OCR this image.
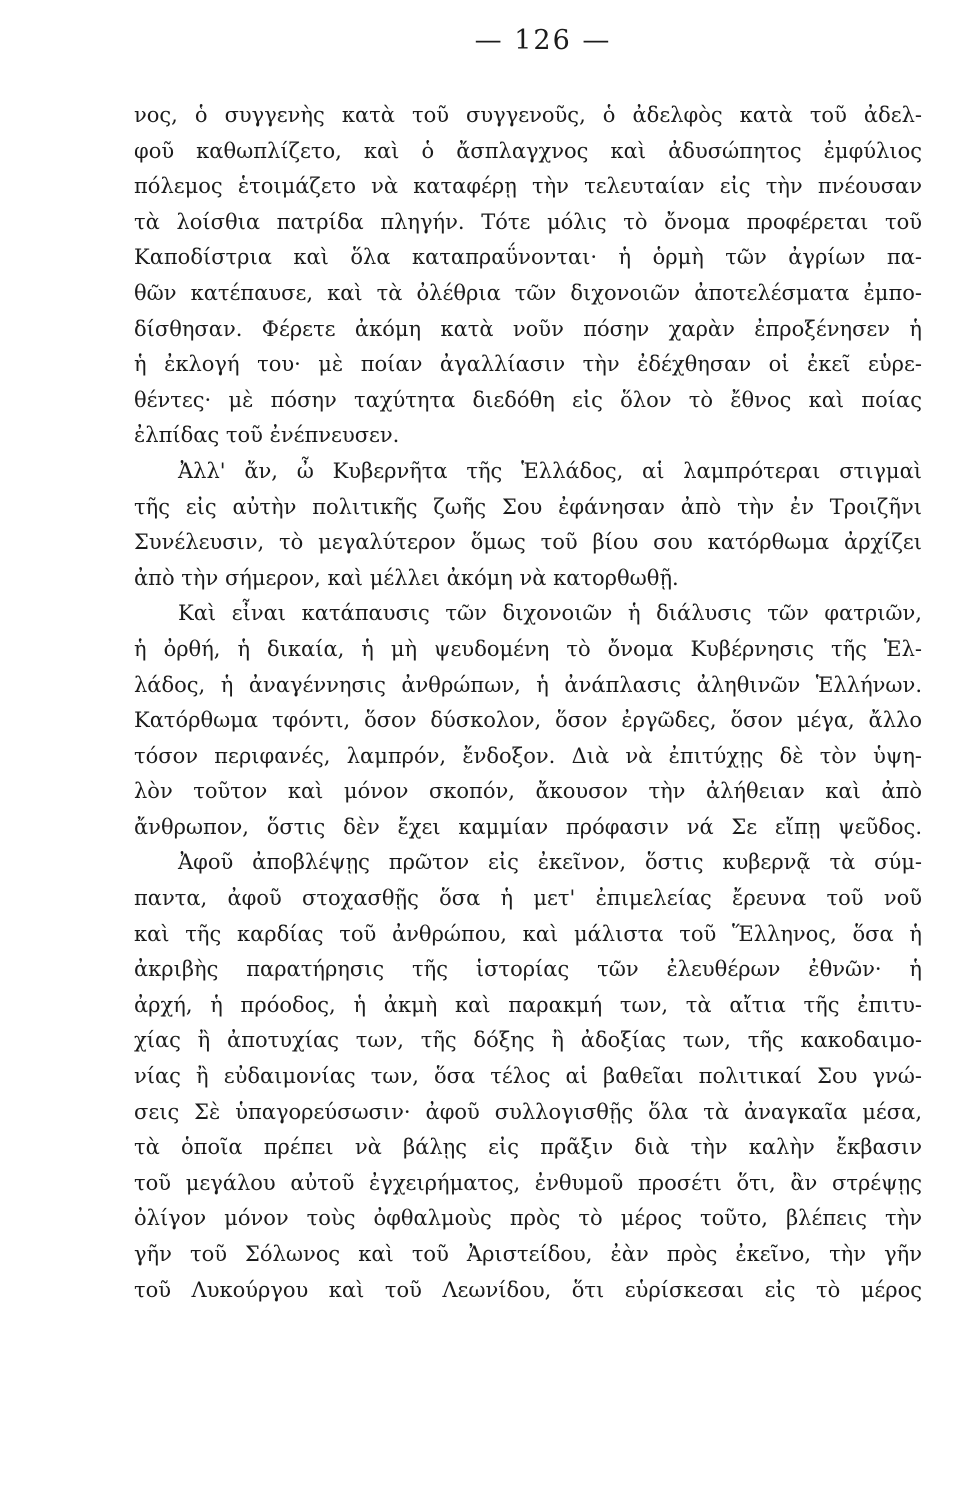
— 126 —
νος, ὁ συγγενὴς κατὰ τοῦ συγγενοῦς, ὁ ἀδελφὸς κατὰ τοῦ ἀδελ-
φοῦ καθωπλίζετο, καὶ ὁ ἄσπλαγχνος καὶ ἀδυσώπητος ἐμφύλιος
πόλεμος ἑτοιμάζετο νὰ καταφέρῃ τὴν τελευταίαν εἰς τὴν πνέουσαν
τὰ λοίσθια πατρίδα πληγήν. Τότε μόλις τὸ ὄνομα προφέρεται τοῦ
Καποδίστρια καὶ ὅλα καταπραΰνονται· ἡ ὁρμὴ τῶν ἀγρίων πα-
θῶν κατέπαυσε, καὶ τὰ ὀλέθρια τῶν διχονοιῶν ἀποτελέσματα ἐμπο-
δίσθησαν. Φέρετε ἀκόμη κατὰ νοῦν πόσην χαρὰν ἐπροξένησεν ἡ
ἡ ἐκλογή του· μὲ ποίαν ἀγαλλίασιν τὴν ἐδέχθησαν οἱ ἐκεῖ εὑρε-
θέντες· μὲ πόσην ταχύτητα διεδόθη εἰς ὅλον τὸ ἔθνος καὶ ποίας
ἐλπίδας τοῦ ἐνέπνευσεν.
Ἀλλ' ἄν, ὦ Κυβερνῆτα τῆς Ἑλλάδος, αἱ λαμπρότεραι στιγμαὶ
τῆς εἰς αὐτὴν πολιτικῆς ζωῆς Σου ἐφάνησαν ἀπὸ τὴν ἐν Τροιζῆνι
Συνέλευσιν, τὸ μεγαλύτερον ὅμως τοῦ βίου σου κατόρθωμα ἀρχίζει
ἀπὸ τὴν σήμερον, καὶ μέλλει ἀκόμη νὰ κατορθωθῇ.
Καὶ εἶναι κατάπαυσις τῶν διχονοιῶν ἡ διάλυσις τῶν φατριῶν,
ἡ ὀρθή, ἡ δικαία, ἡ μὴ ψευδομένη τὸ ὄνομα Κυβέρνησις τῆς Ἑλ-
λάδος, ἡ ἀναγέννησις ἀνθρώπων, ἡ ἀνάπλασις ἀληθινῶν Ἑλλήνων.
Κατόρθωμα τφόντι, ὅσον δύσκολον, ὅσον ἐργῶδες, ὅσον μέγα, ἄλλο
τόσον περιφανές, λαμπρόν, ἔνδοξον. Διὰ νὰ ἐπιτύχῃς δὲ τὸν ὑψη-
λὸν τοῦτον καὶ μόνον σκοπόν, ἄκουσον τὴν ἀλήθειαν καὶ ἀπὸ
ἄνθρωπον, ὅστις δὲν ἔχει καμμίαν πρόφασιν νά Σε εἴπῃ ψεῦδος.
Ἀφοῦ ἀποβλέψῃς πρῶτον εἰς ἐκεῖνον, ὅστις κυβερνᾷ τὰ σύμ-
παντα, ἀφοῦ στοχασθῇς ὅσα ἡ μετ' ἐπιμελείας ἔρευνα τοῦ νοῦ
καὶ τῆς καρδίας τοῦ ἀνθρώπου, καὶ μάλιστα τοῦ Ἕλληνος, ὅσα ἡ
ἀκριβὴς παρατήρησις τῆς ἱστορίας τῶν ἐλευθέρων ἐθνῶν· ἡ
ἀρχή, ἡ πρόοδος, ἡ ἀκμὴ καὶ παρακμή των, τὰ αἴτια τῆς ἐπιτυ-
χίας ἢ ἀποτυχίας των, τῆς δόξης ἢ ἀδοξίας των, τῆς κακοδαιμο-
νίας ἢ εὐδαιμονίας των, ὅσα τέλος αἱ βαθεῖαι πολιτικαί Σου γνώ-
σεις Σὲ ὑπαγορεύσωσιν· ἀφοῦ συλλογισθῇς ὅλα τὰ ἀναγκαῖα μέσα,
τὰ ὁποῖα πρέπει νὰ βάλῃς εἰς πρᾶξιν διὰ τὴν καλὴν ἔκβασιν
τοῦ μεγάλου αὐτοῦ ἐγχειρήματος, ἐνθυμοῦ προσέτι ὅτι, ἂν στρέψῃς
ὀλίγον μόνον τοὺς ὀφθαλμοὺς πρὸς τὸ μέρος τοῦτο, βλέπεις τὴν
γῆν τοῦ Σόλωνος καὶ τοῦ Ἀριστείδου, ἐὰν πρὸς ἐκεῖνο, τὴν γῆν
τοῦ Λυκούργου καὶ τοῦ Λεωνίδου, ὅτι εὑρίσκεσαι εἰς τὸ μέρος
